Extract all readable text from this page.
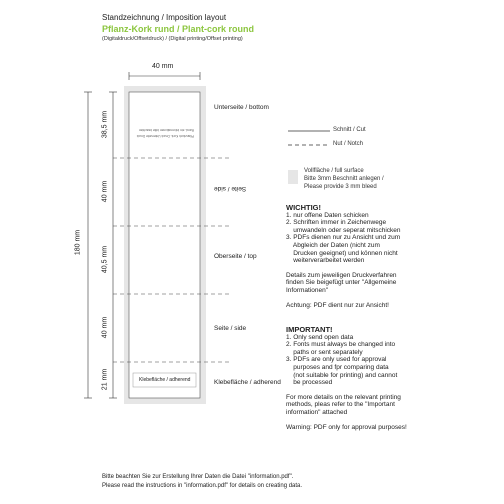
Standzeichnung / Imposition layout
Pflanz-Kork rund / Plant-cork round
(Digitaldruck/Offsetdruck) / (Digital printing/Offset printing)
Pflanzkork Kork- Druck Unterseite Druck
Rand- ein Informationen bitte beachten
40 mm
180 mm
38,5 mm
40 mm
40,5 mm
40 mm
21 mm
Unterseite / bottom
Seite / side
Oberseite / top
Seite / side
Klebefläche / adherend
Klebefläche / adherend
Schnitt / Cut
Nut / Notch
Vollfläche / full surface
Bitte 3mm Beschnitt anlegen /
Please provide 3 mm bleed
WICHTIG!
1. nur offene Daten schicken
2. Schriften immer in Zeichenwege
umwandeln oder seperat mitschicken
3. PDFs dienen nur zu Ansicht und zum
Abgleich der Daten (nicht zum
Drucken geeignet) und können nicht
weiterverarbeitet werden
Details zum jeweiligen Druckverfahren
finden Sie beigefügt unter "Allgemeine
Informationen"
Achtung: PDF dient nur zur Ansicht!
IMPORTANT!
1. Only send open data
2. Fonts must always be changed into
paths or sent separately
3. PDFs are only used for approval
purposes and fpr comparing data
(not suitable for printing) and cannot
be processed
For more details on the relevant printing
methods, pleas refer to the "Important
information" attached
Warning: PDF only for approval purposes!
Bitte beachten Sie zur Erstellung Ihrer Daten die Datei "information.pdf".
Please read the instructions in "information.pdf" for details on creating data.
